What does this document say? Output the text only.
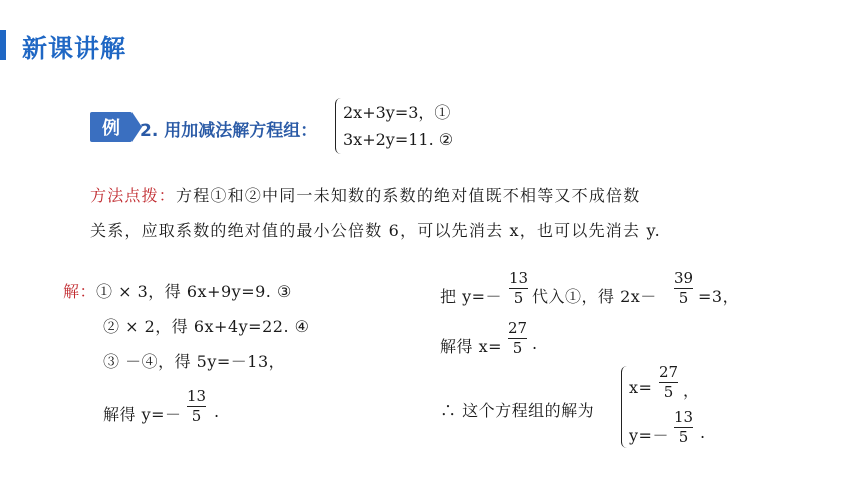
新课讲解
例 2. 用加减法解方程组：
2x+3y=3，①
3x+2y=11. ②
方法点拨：方程①和②中同一未知数的系数的绝对值既不相等又不成倍数
关系，应取系数的绝对值的最小公倍数 6，可以先消去 x，也可以先消去 y.
解：① × 3，得 6x+9y=9. ③
② × 2，得 6x+4y=22. ④
③ －④，得 5y=－13，
解得 y=－
13
5 .
把 y=－
13
5 代入①，得 2x－
39
5 =3，
解得 x=
27
5 .
∴ 这个方程组的解为
x=
27
5 ，
y=－
13
5 .
